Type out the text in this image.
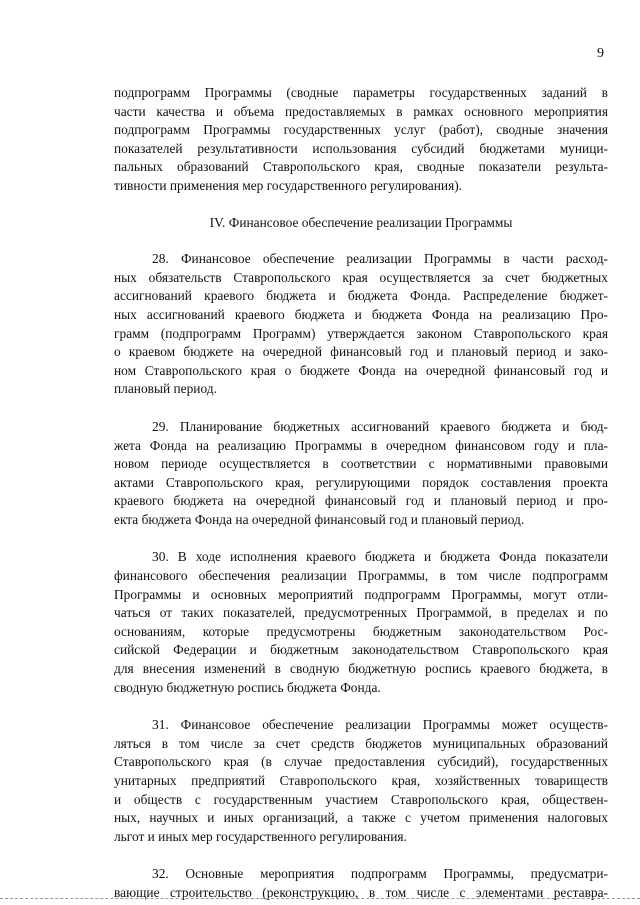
9
подпрограмм Программы (сводные параметры государственных заданий в
части качества и объема предоставляемых в рамках основного мероприятия
подпрограмм Программы государственных услуг (работ), сводные значения
показателей результативности использования субсидий бюджетами муници-
пальных образований Ставропольского края, сводные показатели результа-
тивности применения мер государственного регулирования).
IV. Финансовое обеспечение реализации Программы
28. Финансовое обеспечение реализации Программы в части расход-
ных обязательств Ставропольского края осуществляется за счет бюджетных
ассигнований краевого бюджета и бюджета Фонда. Распределение бюджет-
ных ассигнований краевого бюджета и бюджета Фонда на реализацию Про-
грамм (подпрограмм Программ) утверждается законом Ставропольского края
о краевом бюджете на очередной финансовый год и плановый период и зако-
ном Ставропольского края о бюджете Фонда на очередной финансовый год и
плановый период.
29. Планирование бюджетных ассигнований краевого бюджета и бюд-
жета Фонда на реализацию Программы в очередном финансовом году и пла-
новом периоде осуществляется в соответствии с нормативными правовыми
актами Ставропольского края, регулирующими порядок составления проекта
краевого бюджета на очередной финансовый год и плановый период и про-
екта бюджета Фонда на очередной финансовый год и плановый период.
30. В ходе исполнения краевого бюджета и бюджета Фонда показатели
финансового обеспечения реализации Программы, в том числе подпрограмм
Программы и основных мероприятий подпрограмм Программы, могут отли-
чаться от таких показателей, предусмотренных Программой, в пределах и по
основаниям, которые предусмотрены бюджетным законодательством Рос-
сийской Федерации и бюджетным законодательством Ставропольского края
для внесения изменений в сводную бюджетную роспись краевого бюджета, в
сводную бюджетную роспись бюджета Фонда.
31. Финансовое обеспечение реализации Программы может осуществ-
ляться в том числе за счет средств бюджетов муниципальных образований
Ставропольского края (в случае предоставления субсидий), государственных
унитарных предприятий Ставропольского края, хозяйственных товариществ
и обществ с государственным участием Ставропольского края, обществен-
ных, научных и иных организаций, а также с учетом применения налоговых
льгот и иных мер государственного регулирования.
32. Основные мероприятия подпрограмм Программы, предусматри-
вающие строительство (реконструкцию, в том числе с элементами реставра-
